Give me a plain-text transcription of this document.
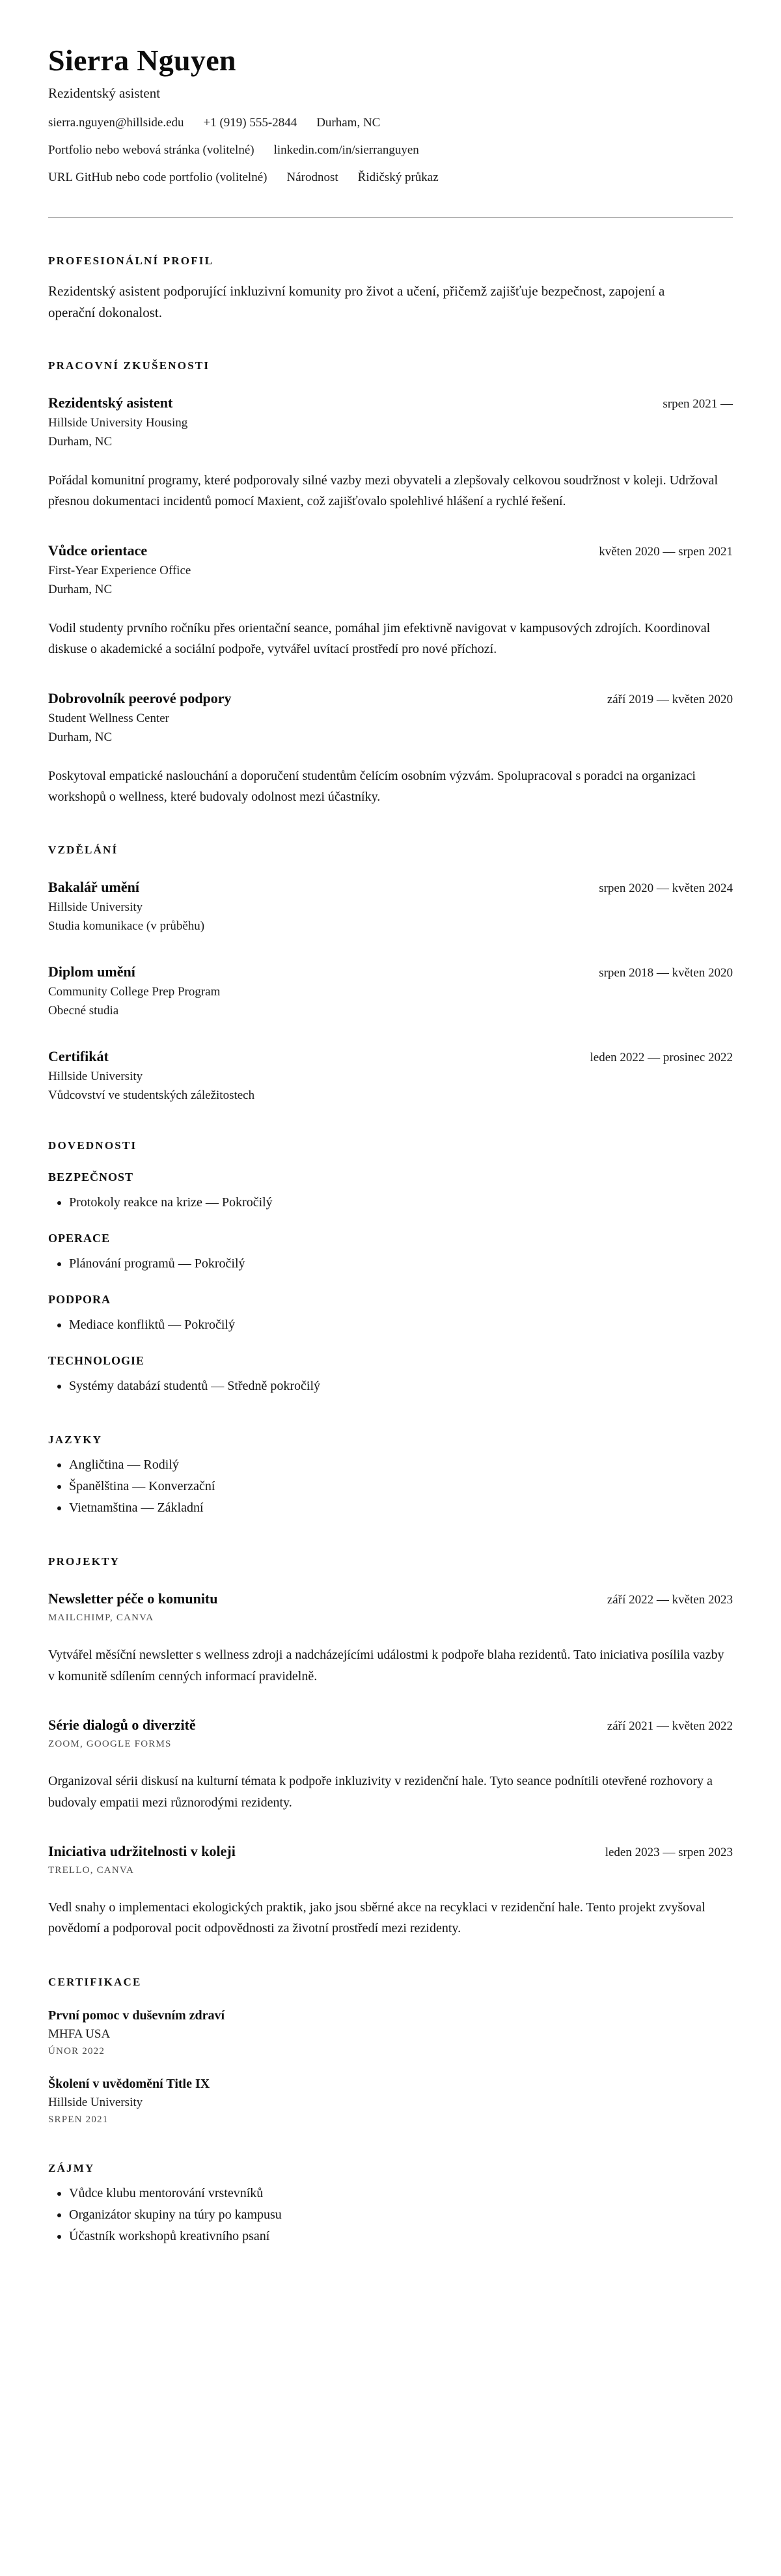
Sierra Nguyen
Rezidentský asistent
sierra.nguyen@hillside.edu +1 (919) 555-2844 Durham, NC
Portfolio nebo webová stránka (volitelné) linkedin.com/in/sierranguyen
URL GitHub nebo code portfolio (volitelné) Národnost Řidičský průkaz
PROFESIONÁLNÍ PROFIL

Rezidentský asistent podporující inkluzivní komunity pro život a učení, přičemž zajišťuje bezpečnost, zapojení a operační dokonalost.

PRACOVNÍ ZKUŠENOSTI
Rezidentský asistent	srpen 2021 —
Hillside University Housing
Durham, NC

Pořádal komunitní programy, které podporovaly silné vazby mezi obyvateli a zlepšovaly celkovou soudržnost v koleji. Udržoval přesnou dokumentaci incidentů pomocí Maxient, což zajišťovalo spolehlivé hlášení a rychlé řešení.

Vůdce orientace	květen 2020 — srpen 2021
First-Year Experience Office
Durham, NC

Vodil studenty prvního ročníku přes orientační seance, pomáhal jim efektivně navigovat v kampusových zdrojích. Koordinoval diskuse o akademické a sociální podpoře, vytvářel uvítací prostředí pro nové příchozí.

Dobrovolník peerové podpory	září 2019 — květen 2020
Student Wellness Center
Durham, NC

Poskytoval empatické naslouchání a doporučení studentům čelícím osobním výzvám. Spolupracoval s poradci na organizaci workshopů o wellness, které budovaly odolnost mezi účastníky.

VZDĚLÁNÍ
Bakalář umění	srpen 2020 — květen 2024
Hillside University
Studia komunikace (v průběhu)
Diplom umění	srpen 2018 — květen 2020
Community College Prep Program
Obecné studia
Certifikát	leden 2022 — prosinec 2022
Hillside University
Vůdcovství ve studentských záležitostech
DOVEDNOSTI
BEZPEČNOST
• Protokoly reakce na krize — Pokročilý
OPERACE
• Plánování programů — Pokročilý
PODPORA
• Mediace konfliktů — Pokročilý
TECHNOLOGIE
• Systémy databází studentů — Středně pokročilý
JAZYKY
• Angličtina — Rodilý
• Španělština — Konverzační
• Vietnamština — Základní
PROJEKTY
Newsletter péče o komunitu	září 2022 — květen 2023
MAILCHIMP, CANVA

Vytvářel měsíční newsletter s wellness zdroji a nadcházejícími událostmi k podpoře blaha rezidentů. Tato iniciativa posílila vazby v komunitě sdílením cenných informací pravidelně.

Série dialogů o diverzitě	září 2021 — květen 2022
ZOOM, GOOGLE FORMS

Organizoval sérii diskusí na kulturní témata k podpoře inkluzivity v rezidenční hale. Tyto seance podnítili otevřené rozhovory a budovaly empatii mezi různorodými rezidenty.

Iniciativa udržitelnosti v koleji	leden 2023 — srpen 2023
TRELLO, CANVA

Vedl snahy o implementaci ekologických praktik, jako jsou sběrné akce na recyklaci v rezidenční hale. Tento projekt zvyšoval povědomí a podporoval pocit odpovědnosti za životní prostředí mezi rezidenty.

CERTIFIKACE
První pomoc v duševním zdraví
MHFA USA
ÚNOR 2022
Školení v uvědomění Title IX
Hillside University
SRPEN 2021
ZÁJMY
• Vůdce klubu mentorování vrstevníků
• Organizátor skupiny na túry po kampusu
• Účastník workshopů kreativního psaní
